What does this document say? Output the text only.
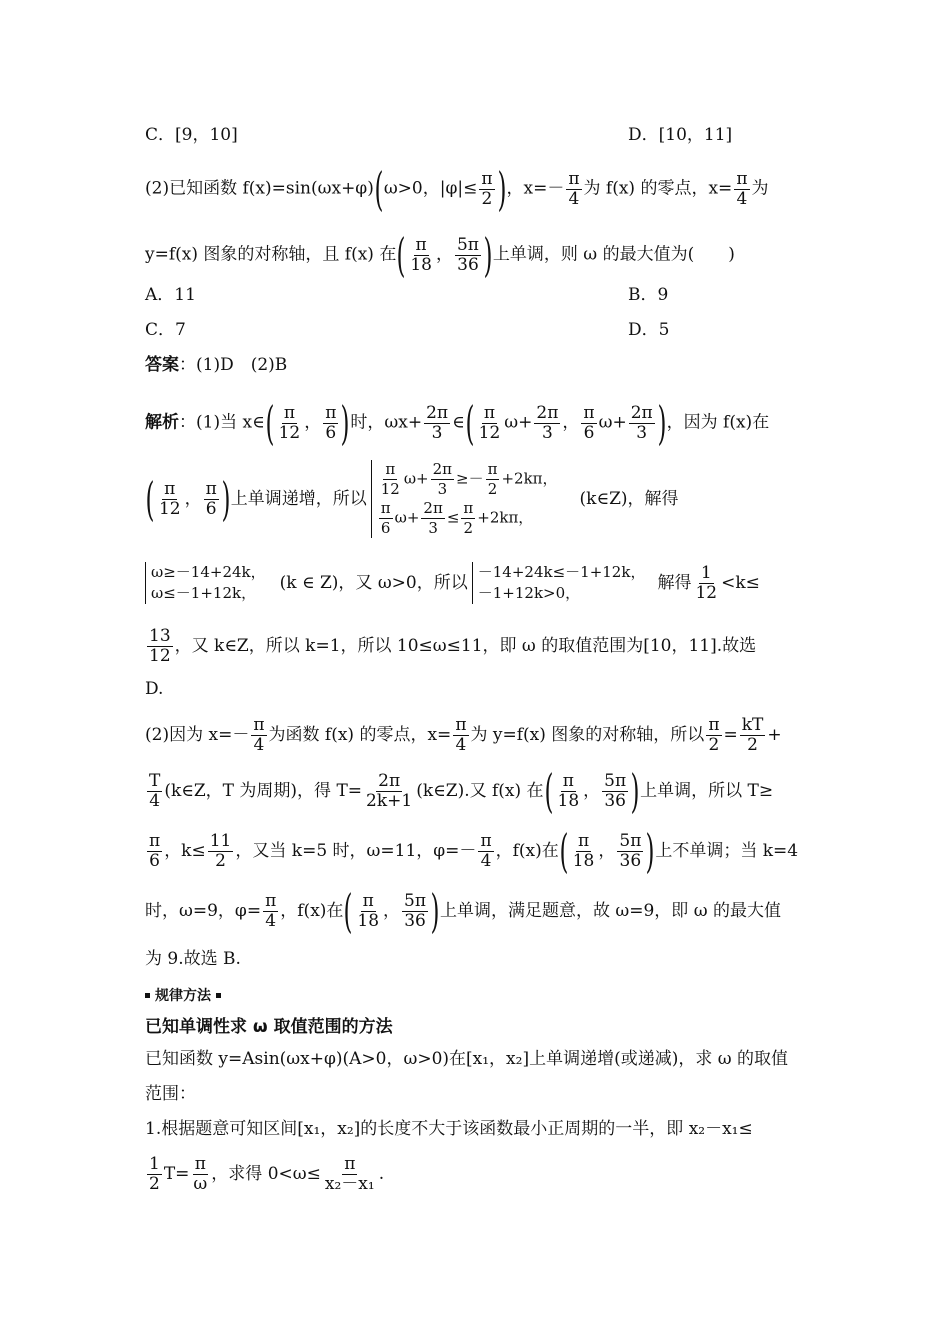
C．[9，10]	D．[10，11]
(2)已知函数 f(x)=sin(ωx+φ)(ω>0，$|\varphi|\le \frac{\pi}{2}$ )，$x=- \frac{\pi}{4}$ 为 f(x) 的零点，$x= \frac{\pi}{4}$ 为
y=f(x) 图象的对称轴，且 f(x) 在( $\frac{\pi}{18}$ ， $\frac{5\pi}{36}$ )上单调，则 ω 的最大值为(　　)
A．11	B．9
C．7	D．5
答案：(1)D　(2)B
解析：(1)当 x∈( $\frac{\pi}{12}$ ， $\frac{\pi}{6}$ )时，$\omega x+ \frac{2\pi}{3}$ ∈( $\frac{\pi}{12} \omega+ \frac{2\pi}{3}$ ， $\frac{\pi}{6} \omega+ \frac{2\pi}{3}$ )，因为 f(x)在
( $\frac{\pi}{12}$ ， $\frac{\pi}{6}$ ) 上单调递增，所以 $\frac{\pi}{12} \omega+ \frac{2\pi}{3} \ge- \frac{\pi}{2} +2k\pi$，
$\frac{\pi}{6} \omega+ \frac{2\pi}{3} \le \frac{\pi}{2} +2k\pi$，
(k∈Z)，解得
ω≥－14+24k，
ω≤－1+12k，	(k ∈ Z)，又 ω>0，所以
－14+24k≤－1+12k，
－1+12k>0，	解得 $\frac{1}{12} <k\le$
$\frac{13}{12}$ ，又 k∈Z，所以 k=1，所以 10≤ω≤11，即 ω 的取值范围为[10，11].故选
D.
(2)因为 $x=- \frac{\pi}{4}$ 为函数 f(x) 的零点，$x= \frac{\pi}{4}$ 为 y=f(x) 图象的对称轴，所以 $\frac{\pi}{2} = \frac{kT}{2}$ +
$\frac{T}{4}$ (k∈Z，T 为周期)，得 $T= \frac{2\pi}{2k+1}$ (k∈Z).又 f(x) 在 ( $\frac{\pi}{18}$ ， $\frac{5\pi}{36}$ ) 上单调，所以 T≥
$\frac{\pi}{6}$ ，$k\le \frac{11}{2}$ ，又当 k=5 时，ω=11，$\varphi=- \frac{\pi}{4}$ ，f(x)在 ( $\frac{\pi}{18}$ ， $\frac{5\pi}{36}$ ) 上不单调；当 k=4
时，ω=9，$\varphi= \frac{\pi}{4}$ ，f(x)在 ( $\frac{\pi}{18}$ ， $\frac{5\pi}{36}$ ) 上单调，满足题意，故 ω=9，即 ω 的最大值
为 9.故选 B.
规律方法
已知单调性求 ω 取值范围的方法
已知函数 y=Asin(ωx+φ)(A>0，ω>0)在[x₁，x₂]上单调递增(或递减)，求 ω 的取值
范围：
1.根据题意可知区间[x₁，x₂]的长度不大于该函数最小正周期的一半，即 x₂－x₁≤
$\frac{1}{2} T= \frac{\pi}{\omega}$ ，求得 $0<\omega\le \frac{\pi}{\text{x₂－x₁}}$ .
